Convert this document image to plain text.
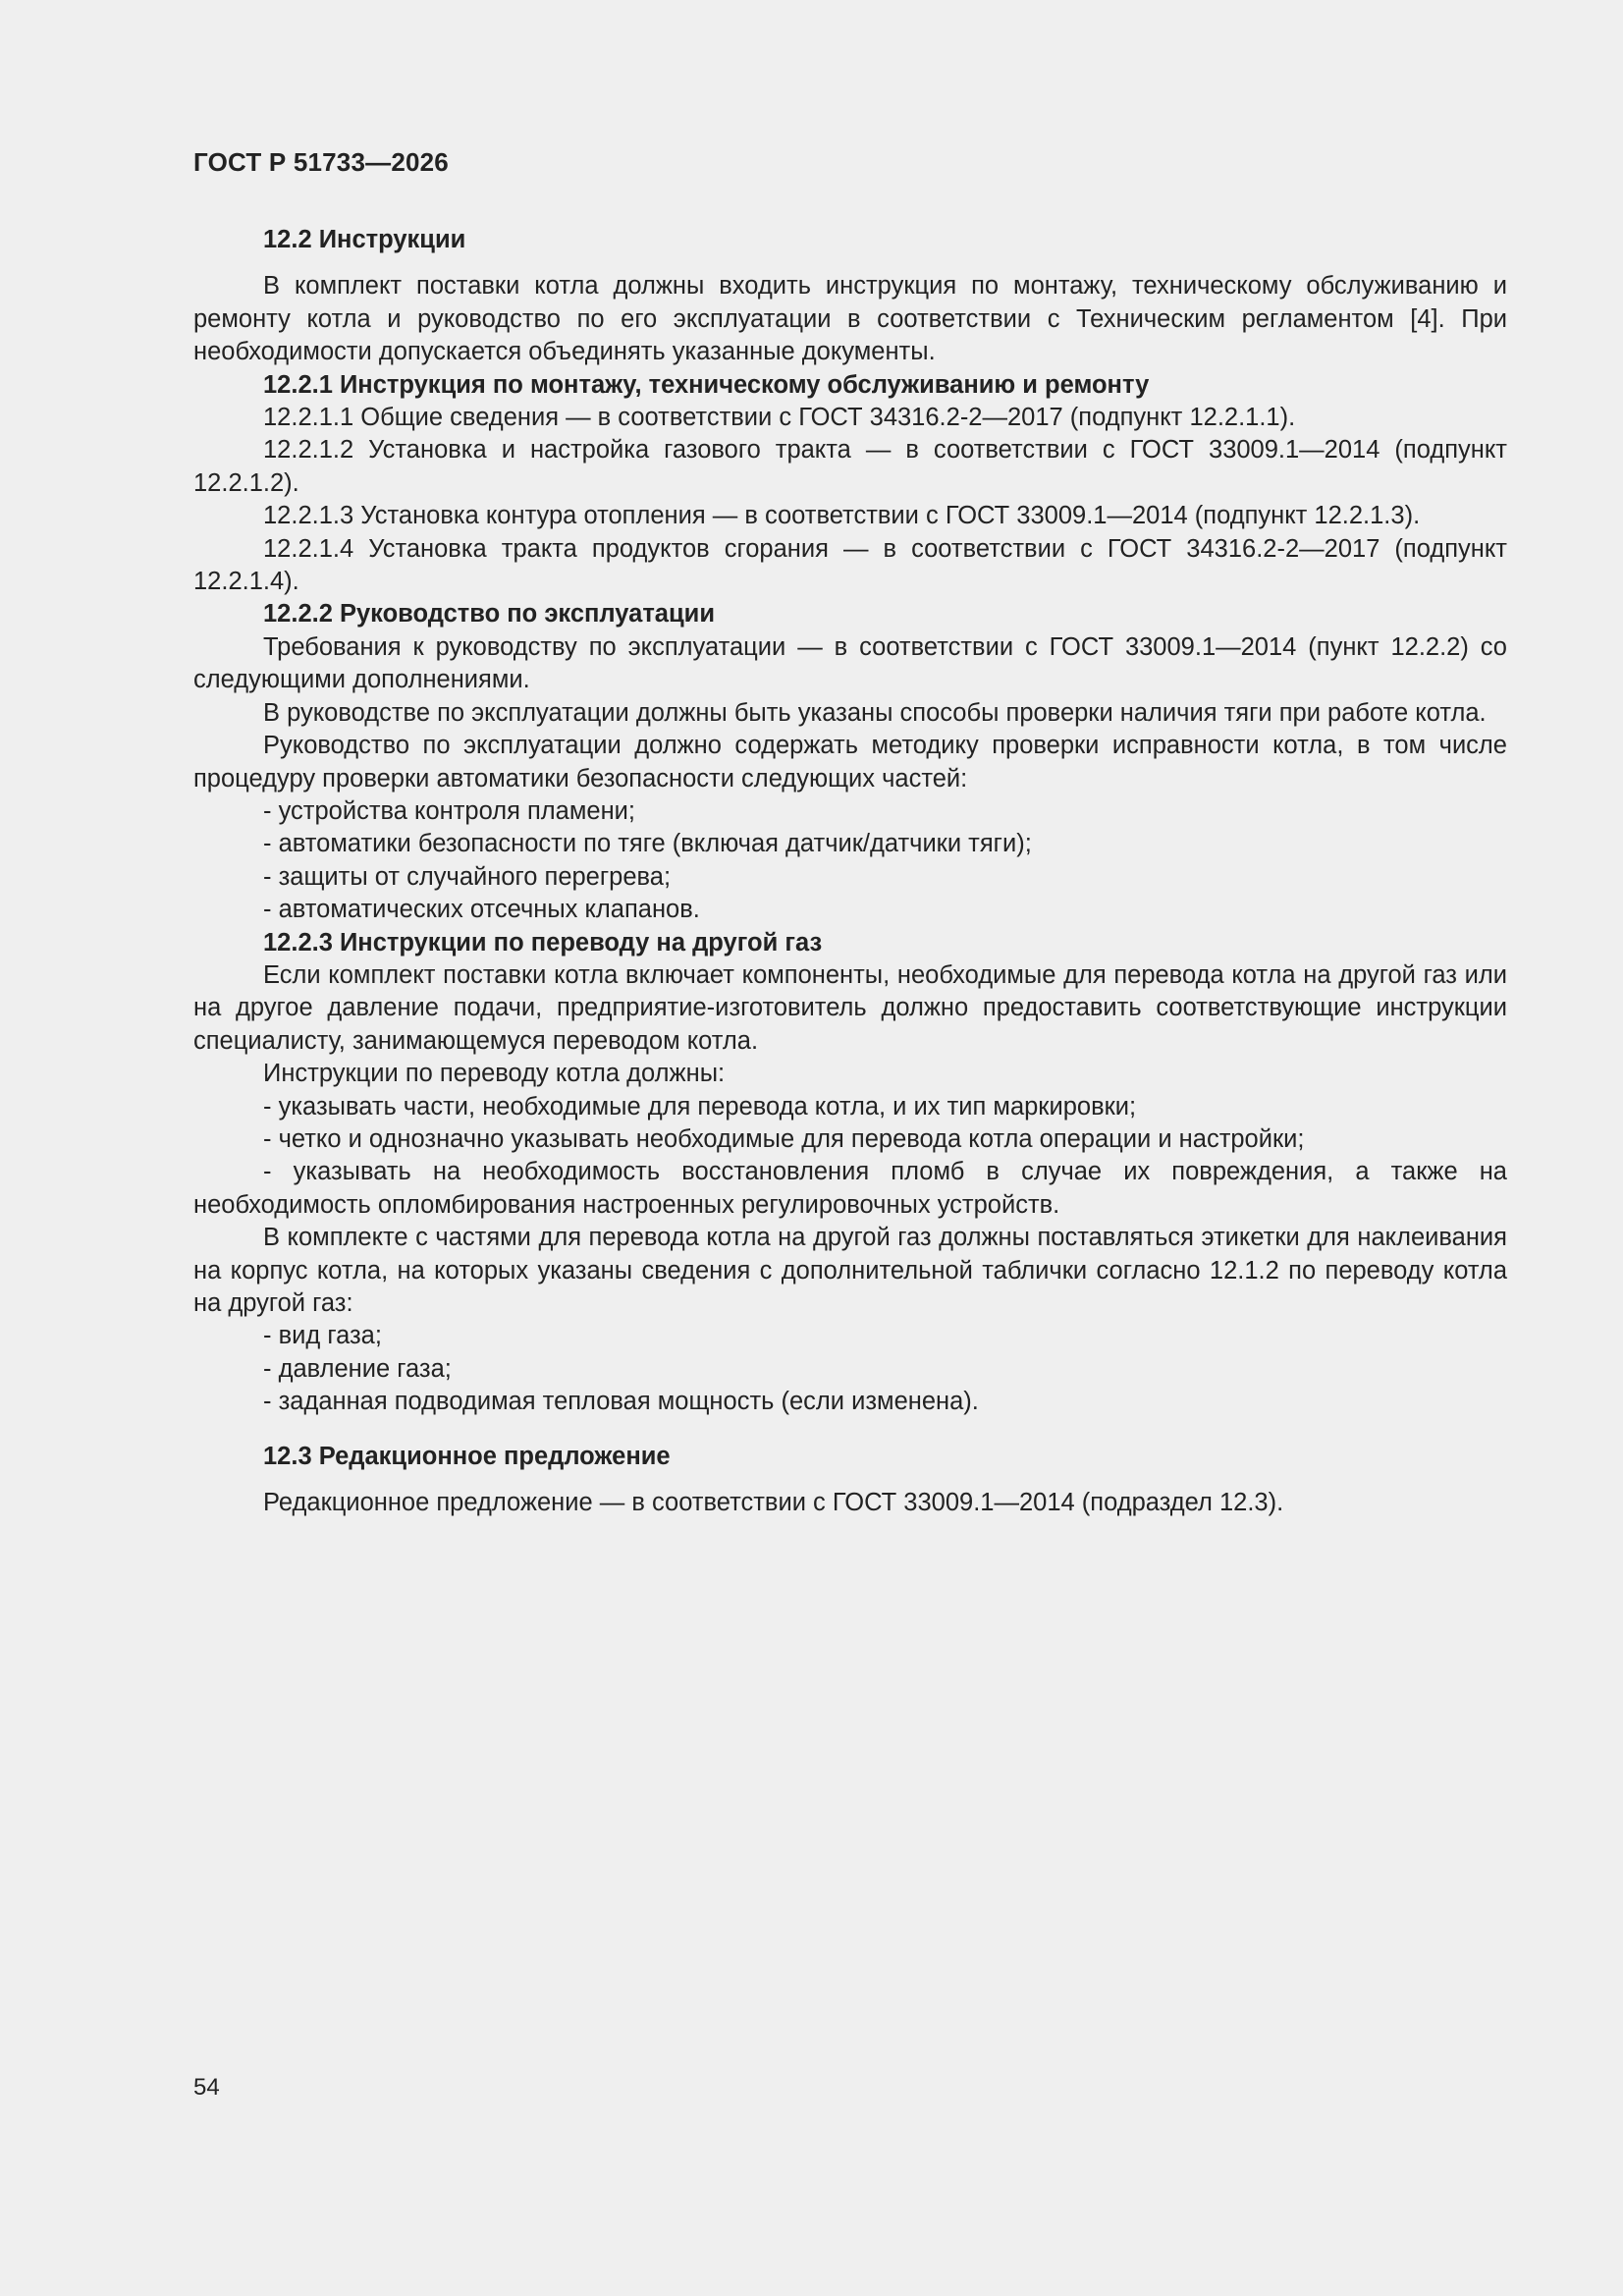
ГОСТ Р 51733—2026

12.2 Инструкции

В комплект поставки котла должны входить инструкция по монтажу, техническому обслуживанию и ремонту котла и руководство по его эксплуатации в соответствии с Техническим регламентом [4]. При необходимости допускается объединять указанные документы.

12.2.1 Инструкция по монтажу, техническому обслуживанию и ремонту

12.2.1.1 Общие сведения — в соответствии с ГОСТ 34316.2-2—2017 (подпункт 12.2.1.1).

12.2.1.2 Установка и настройка газового тракта — в соответствии с ГОСТ 33009.1—2014 (подпункт 12.2.1.2).

12.2.1.3 Установка контура отопления — в соответствии с ГОСТ 33009.1—2014 (подпункт 12.2.1.3).

12.2.1.4 Установка тракта продуктов сгорания — в соответствии с ГОСТ 34316.2-2—2017 (подпункт 12.2.1.4).

12.2.2 Руководство по эксплуатации

Требования к руководству по эксплуатации — в соответствии с ГОСТ 33009.1—2014 (пункт 12.2.2) со следующими дополнениями.

В руководстве по эксплуатации должны быть указаны способы проверки наличия тяги при работе котла.

Руководство по эксплуатации должно содержать методику проверки исправности котла, в том числе процедуру проверки автоматики безопасности следующих частей:

- устройства контроля пламени;

- автоматики безопасности по тяге (включая датчик/датчики тяги);

- защиты от случайного перегрева;

- автоматических отсечных клапанов.

12.2.3 Инструкции по переводу на другой газ

Если комплект поставки котла включает компоненты, необходимые для перевода котла на другой газ или на другое давление подачи, предприятие-изготовитель должно предоставить соответствующие инструкции специалисту, занимающемуся переводом котла.

Инструкции по переводу котла должны:

- указывать части, необходимые для перевода котла, и их тип маркировки;

- четко и однозначно указывать необходимые для перевода котла операции и настройки;

- указывать на необходимость восстановления пломб в случае их повреждения, а также на необходимость опломбирования настроенных регулировочных устройств.

В комплекте с частями для перевода котла на другой газ должны поставляться этикетки для наклеивания на корпус котла, на которых указаны сведения с дополнительной таблички согласно 12.1.2 по переводу котла на другой газ:

- вид газа;

- давление газа;

- заданная подводимая тепловая мощность (если изменена).

12.3 Редакционное предложение

Редакционное предложение — в соответствии с ГОСТ 33009.1—2014 (подраздел 12.3).

54
